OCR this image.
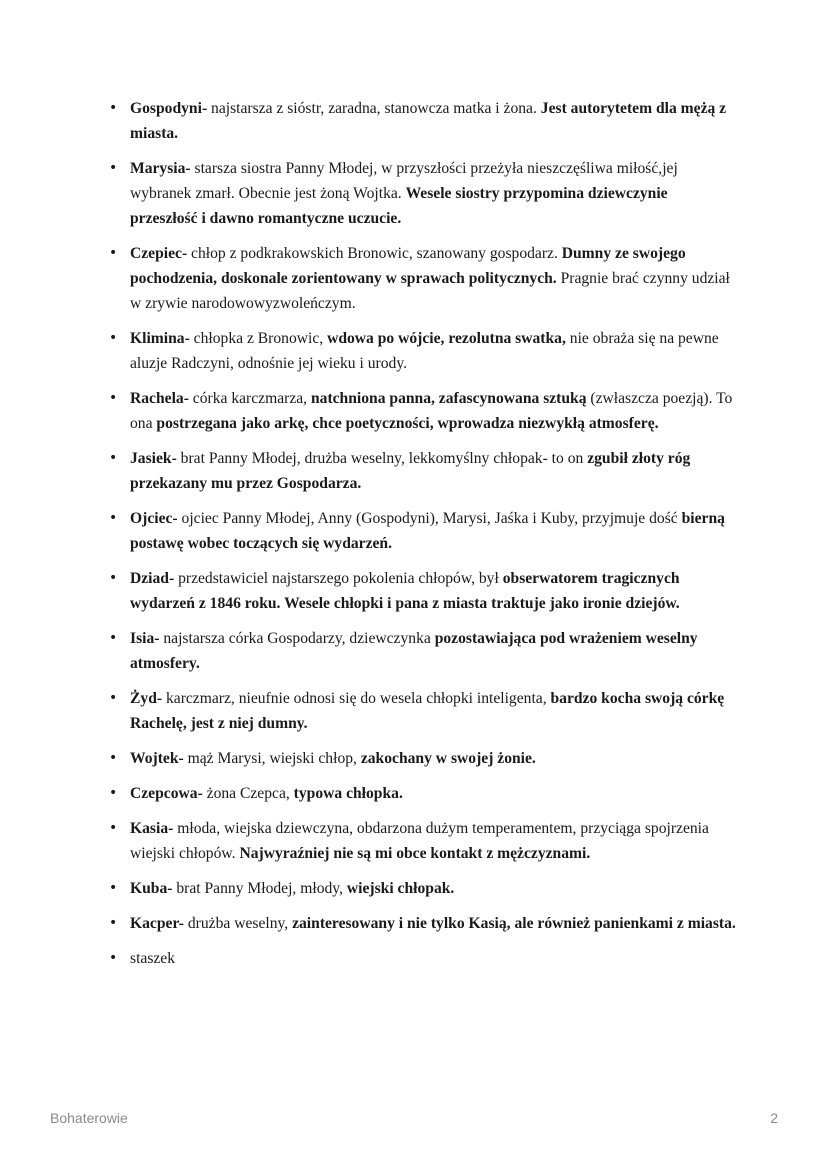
• Gospodyni- najstarsza z sióstr, zaradna, stanowcza matka i żona. Jest autorytetem dla mężą z miasta.
• Marysia- starsza siostra Panny Młodej, w przyszłości przeżyła nieszczęśliwa miłość,jej wybranek zmarł. Obecnie jest żoną Wojtka. Wesele siostry przypomina dziewczynie przeszłość i dawno romantyczne uczucie.
• Czepiec- chłop z podkrakowskich Bronowic, szanowany gospodarz. Dumny ze swojego pochodzenia, doskonale zorientowany w sprawach politycznych. Pragnie brać czynny udział w zrywie narodowowyzwoleńczym.
• Klimina- chłopka z Bronowic, wdowa po wójcie, rezolutna swatka, nie obraża się na pewne aluzje Radczyni, odnośnie jej wieku i urody.
• Rachela- córka karczmarza, natchniona panna, zafascynowana sztuką (zwłaszcza poezją). To ona postrzegana jako arkę, chce poetyczności, wprowadza niezwykłą atmosferę.
• Jasiek- brat Panny Młodej, drużba weselny, lekkomyślny chłopak- to on zgubił złoty róg przekazany mu przez Gospodarza.
• Ojciec- ojciec Panny Młodej, Anny (Gospodyni), Marysi, Jaśka i Kuby, przyjmuje dość bierną postawę wobec toczących się wydarzeń.
• Dziad- przedstawiciel najstarszego pokolenia chłopów, był obserwatorem tragicznych wydarzeń z 1846 roku. Wesele chłopki i pana z miasta traktuje jako ironie dziejów.
• Isia- najstarsza córka Gospodarzy, dziewczynka pozostawiająca pod wrażeniem weselny atmosfery.
• Żyd- karczmarz, nieufnie odnosi się do wesela chłopki inteligenta, bardzo kocha swoją córkę Rachelę, jest z niej dumny.
• Wojtek- mąż Marysi, wiejski chłop, zakochany w swojej żonie.
• Czepcowa- żona Czepca, typowa chłopka.
• Kasia- młoda, wiejska dziewczyna, obdarzona dużym temperamentem, przyciąga spojrzenia wiejski chłopów. Najwyraźniej nie są mi obce kontakt z mężczyznami.
• Kuba- brat Panny Młodej, młody, wiejski chłopak.
• Kacper- drużba weselny, zainteresowany i nie tylko Kasią, ale również panienkami z miasta.
• staszek
Bohaterowie	2
